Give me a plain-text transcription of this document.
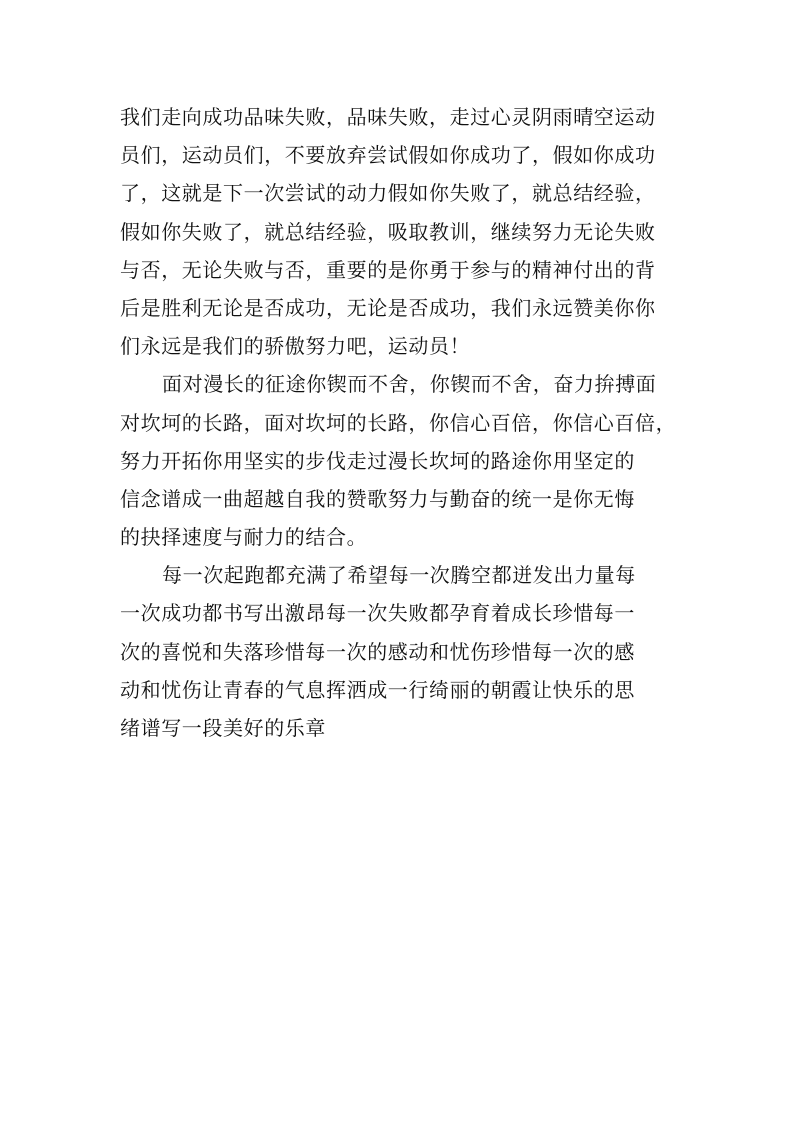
我们走向成功品味失败，品味失败，走过心灵阴雨晴空运动
员们，运动员们，不要放弃尝试假如你成功了，假如你成功
了，这就是下一次尝试的动力假如你失败了，就总结经验，
假如你失败了，就总结经验，吸取教训，继续努力无论失败
与否，无论失败与否，重要的是你勇于参与的精神付出的背
后是胜利无论是否成功，无论是否成功，我们永远赞美你你
们永远是我们的骄傲努力吧，运动员！
面对漫长的征途你锲而不舍，你锲而不舍，奋力拚搏面
对坎坷的长路，面对坎坷的长路，你信心百倍，你信心百倍，
努力开拓你用坚实的步伐走过漫长坎坷的路途你用坚定的
信念谱成一曲超越自我的赞歌努力与勤奋的统一是你无悔
的抉择速度与耐力的结合。
每一次起跑都充满了希望每一次腾空都迸发出力量每
一次成功都书写出激昂每一次失败都孕育着成长珍惜每一
次的喜悦和失落珍惜每一次的感动和忧伤珍惜每一次的感
动和忧伤让青春的气息挥洒成一行绮丽的朝霞让快乐的思
绪谱写一段美好的乐章
